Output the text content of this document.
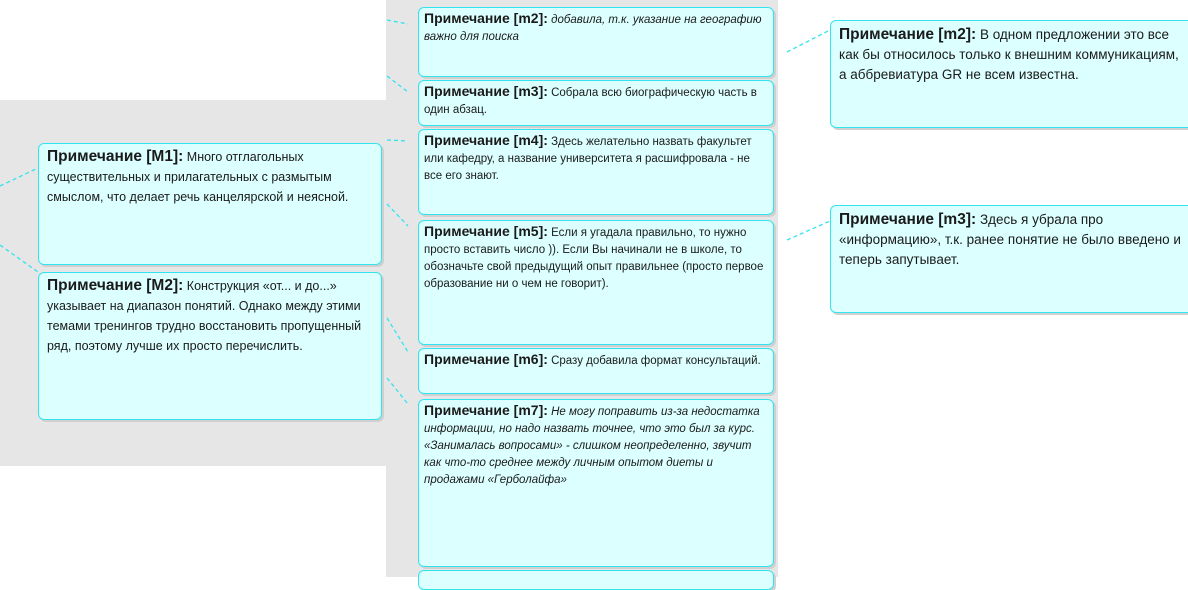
Примечание [M1]: Много отглагольных существительных и прилагательных с размытым смыслом, что делает речь канцелярской и неясной.
Примечание [M2]: Конструкция «от... и до...» указывает на диапазон понятий. Однако между этими темами тренингов трудно восстановить пропущенный ряд, поэтому лучше их просто перечислить.
Примечание [m2]: добавила, т.к. указание на географию важно для поиска
Примечание [m3]: Собрала всю биографическую часть в один абзац.
Примечание [m4]: Здесь желательно назвать факультет или кафедру, а название университета я расшифровала - не все его знают.
Примечание [m5]: Если я угадала правильно, то нужно просто вставить число )). Если Вы начинали не в школе, то обозначьте свой предыдущий опыт правильнее (просто первое образование ни о чем не говорит).
Примечание [m6]: Сразу добавила формат консультаций.
Примечание [m7]: Не могу поправить из-за недостатка информации, но надо назвать точнее, что это был за курс. «Занималась вопросами» - слишком неопределенно, звучит как что-то среднее между личным опытом диеты и продажами «Герболайфа»
Примечание [m2]: В одном предложении это все как бы относилось только к внешним коммуникациям, а аббревиатура GR не всем известна.
Примечание [m3]: Здесь я убрала про «информацию», т.к. ранее понятие не было введено и теперь запутывает.
